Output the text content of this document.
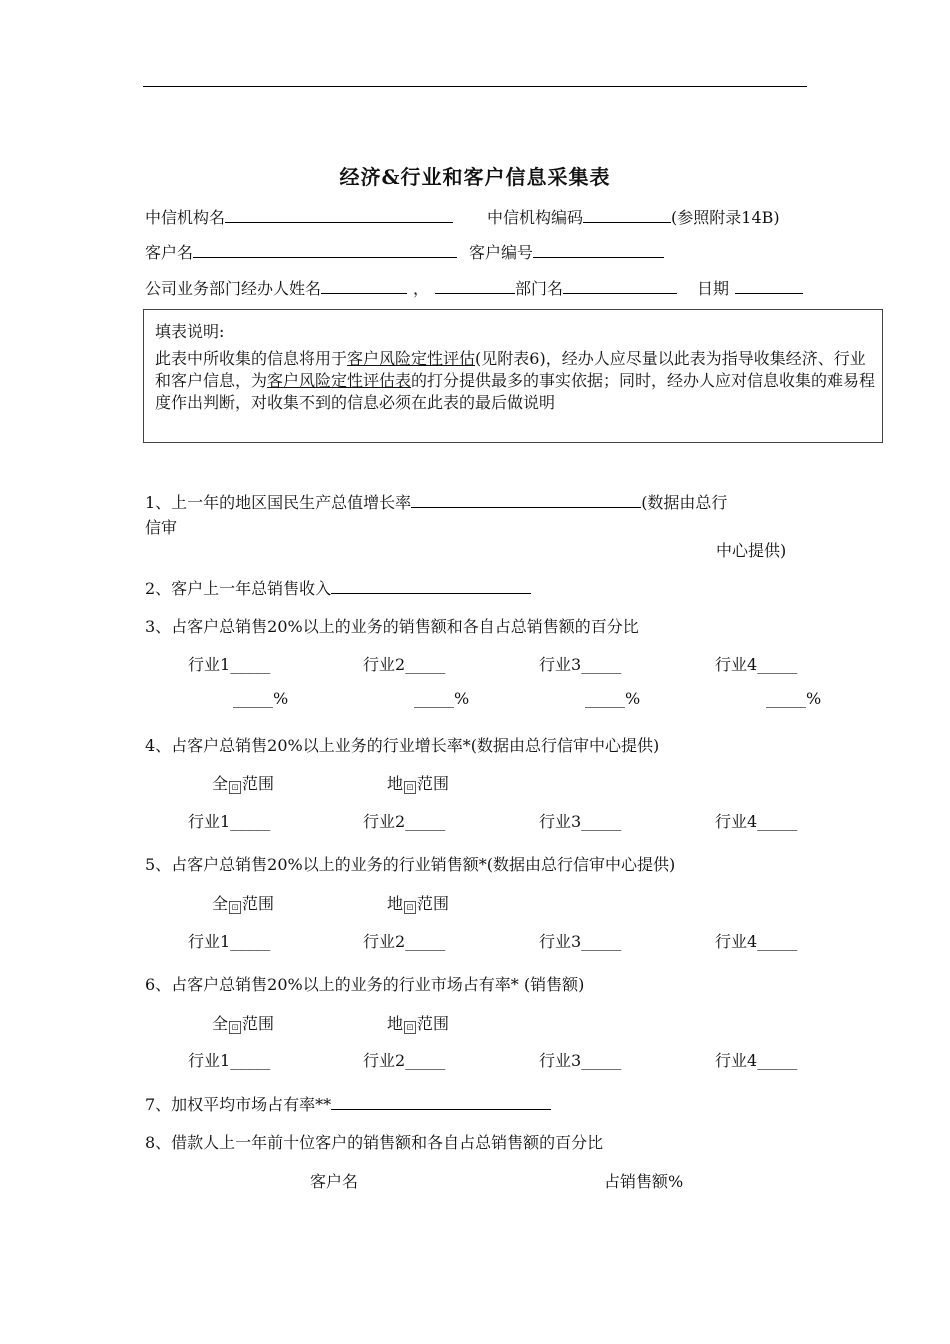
经济&行业和客户信息采集表
中信机构名	中信机构编码	(参照附录14B)
客户名	客户编号
公司业务部门经办人姓名	，	部门名	日期
填表说明:
此表中所收集的信息将用于客户风险定性评估(见附表6)，经办人应尽量以此表为指导收集经济、行业和客户信息，为客户风险定性评估表的打分提供最多的事实依据；同时，经办人应对信息收集的难易程度作出判断，对收集不到的信息必须在此表的最后做说明
1、上一年的地区国民生产总值增长率	(数据由总行
信审
中心提供)
2、客户上一年总销售收入
3、占客户总销售20%以上的业务的销售额和各自占总销售额的百分比
行业1_____	行业2_____	行业3_____	行业4_____
_____%	_____%	_____%	_____%
4、占客户总销售20%以上业务的行业增长率*(数据由总行信审中心提供)
全 ⊡ 范围	地 ⊡ 范围
行业1_____	行业2_____	行业3_____	行业4_____
5、占客户总销售20%以上的业务的行业销售额*(数据由总行信审中心提供)
全 ⊡ 范围	地 ⊡ 范围
行业1_____	行业2_____	行业3_____	行业4_____
6、占客户总销售20%以上的业务的行业市场占有率* (销售额)
全 ⊡ 范围	地 ⊡ 范围
行业1_____	行业2_____	行业3_____	行业4_____
7、加权平均市场占有率**
8、借款人上一年前十位客户的销售额和各自占总销售额的百分比
客户名	占销售额%
